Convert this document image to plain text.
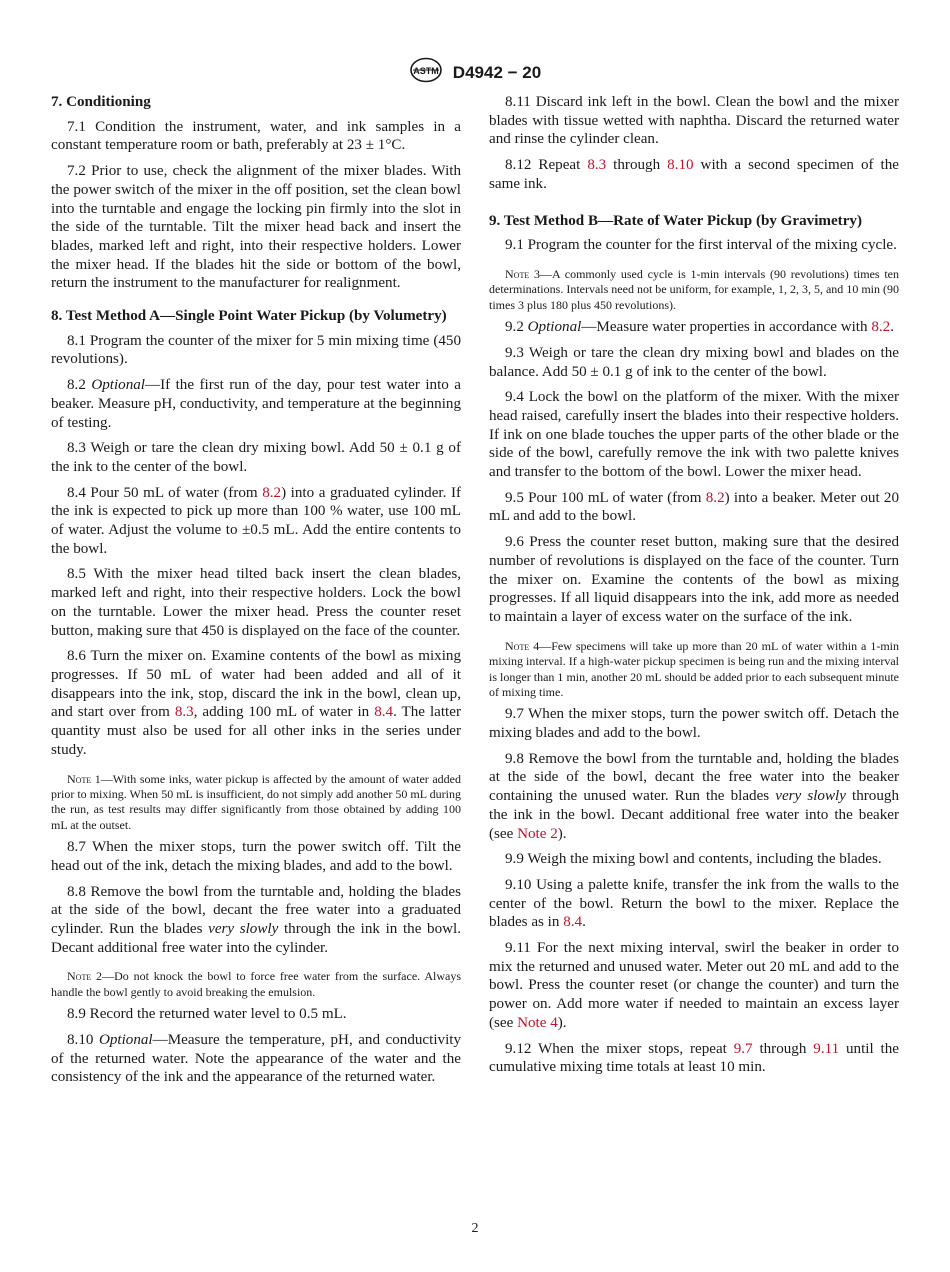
ASTM D4942 − 20
7. Conditioning

7.1 Condition the instrument, water, and ink samples in a constant temperature room or bath, preferably at 23 ± 1°C.

7.2 Prior to use, check the alignment of the mixer blades. With the power switch of the mixer in the off position, set the clean bowl into the turntable and engage the locking pin firmly into the slot in the side of the turntable. Tilt the mixer head back and insert the blades, marked left and right, into their respective holders. Lower the mixer head. If the blades hit the side or bottom of the bowl, return the instrument to the manufacturer for realignment.

8. Test Method A—Single Point Water Pickup (by Volumetry)

8.1 Program the counter of the mixer for 5 min mixing time (450 revolutions).

8.2 Optional—If the first run of the day, pour test water into a beaker. Measure pH, conductivity, and temperature at the beginning of testing.

8.3 Weigh or tare the clean dry mixing bowl. Add 50 ± 0.1 g of the ink to the center of the bowl.

8.4 Pour 50 mL of water (from 8.2) into a graduated cylinder. If the ink is expected to pick up more than 100 % water, use 100 mL of water. Adjust the volume to ±0.5 mL. Add the entire contents to the bowl.

8.5 With the mixer head tilted back insert the clean blades, marked left and right, into their respective holders. Lock the bowl on the turntable. Lower the mixer head. Press the counter reset button, making sure that 450 is displayed on the face of the counter.

8.6 Turn the mixer on. Examine contents of the bowl as mixing progresses. If 50 mL of water had been added and all of it disappears into the ink, stop, discard the ink in the bowl, clean up, and start over from 8.3, adding 100 mL of water in 8.4. The latter quantity must also be used for all other inks in the series under study.

Note 1—With some inks, water pickup is affected by the amount of water added prior to mixing. When 50 mL is insufficient, do not simply add another 50 mL during the run, as test results may differ significantly from those obtained by adding 100 mL at the outset.

8.7 When the mixer stops, turn the power switch off. Tilt the head out of the ink, detach the mixing blades, and add to the bowl.

8.8 Remove the bowl from the turntable and, holding the blades at the side of the bowl, decant the free water into a graduated cylinder. Run the blades very slowly through the ink in the bowl. Decant additional free water into the cylinder.

Note 2—Do not knock the bowl to force free water from the surface. Always handle the bowl gently to avoid breaking the emulsion.

8.9 Record the returned water level to 0.5 mL.

8.10 Optional—Measure the temperature, pH, and conductivity of the returned water. Note the appearance of the water and the consistency of the ink and the appearance of the returned water.

8.11 Discard ink left in the bowl. Clean the bowl and the mixer blades with tissue wetted with naphtha. Discard the returned water and rinse the cylinder clean.

8.12 Repeat 8.3 through 8.10 with a second specimen of the same ink.

9. Test Method B—Rate of Water Pickup (by Gravimetry)

9.1 Program the counter for the first interval of the mixing cycle.

Note 3—A commonly used cycle is 1-min intervals (90 revolutions) times ten determinations. Intervals need not be uniform, for example, 1, 2, 3, 5, and 10 min (90 times 3 plus 180 plus 450 revolutions).

9.2 Optional—Measure water properties in accordance with 8.2.

9.3 Weigh or tare the clean dry mixing bowl and blades on the balance. Add 50 ± 0.1 g of ink to the center of the bowl.

9.4 Lock the bowl on the platform of the mixer. With the mixer head raised, carefully insert the blades into their respective holders. If ink on one blade touches the upper parts of the other blade or the side of the bowl, carefully remove the ink with two palette knives and transfer to the bottom of the bowl. Lower the mixer head.

9.5 Pour 100 mL of water (from 8.2) into a beaker. Meter out 20 mL and add to the bowl.

9.6 Press the counter reset button, making sure that the desired number of revolutions is displayed on the face of the counter. Turn the mixer on. Examine the contents of the bowl as mixing progresses. If all liquid disappears into the ink, add more as needed to maintain a layer of excess water on the surface of the ink.

Note 4—Few specimens will take up more than 20 mL of water within a 1-min mixing interval. If a high-water pickup specimen is being run and the mixing interval is longer than 1 min, another 20 mL should be added prior to each subsequent minute of mixing time.

9.7 When the mixer stops, turn the power switch off. Detach the mixing blades and add to the bowl.

9.8 Remove the bowl from the turntable and, holding the blades at the side of the bowl, decant the free water into the beaker containing the unused water. Run the blades very slowly through the ink in the bowl. Decant additional free water into the beaker (see Note 2).

9.9 Weigh the mixing bowl and contents, including the blades.

9.10 Using a palette knife, transfer the ink from the walls to the center of the bowl. Return the bowl to the mixer. Replace the blades as in 8.4.

9.11 For the next mixing interval, swirl the beaker in order to mix the returned and unused water. Meter out 20 mL and add to the bowl. Press the counter reset (or change the counter) and turn the power on. Add more water if needed to maintain an excess layer (see Note 4).

9.12 When the mixer stops, repeat 9.7 through 9.11 until the cumulative mixing time totals at least 10 min.

2
